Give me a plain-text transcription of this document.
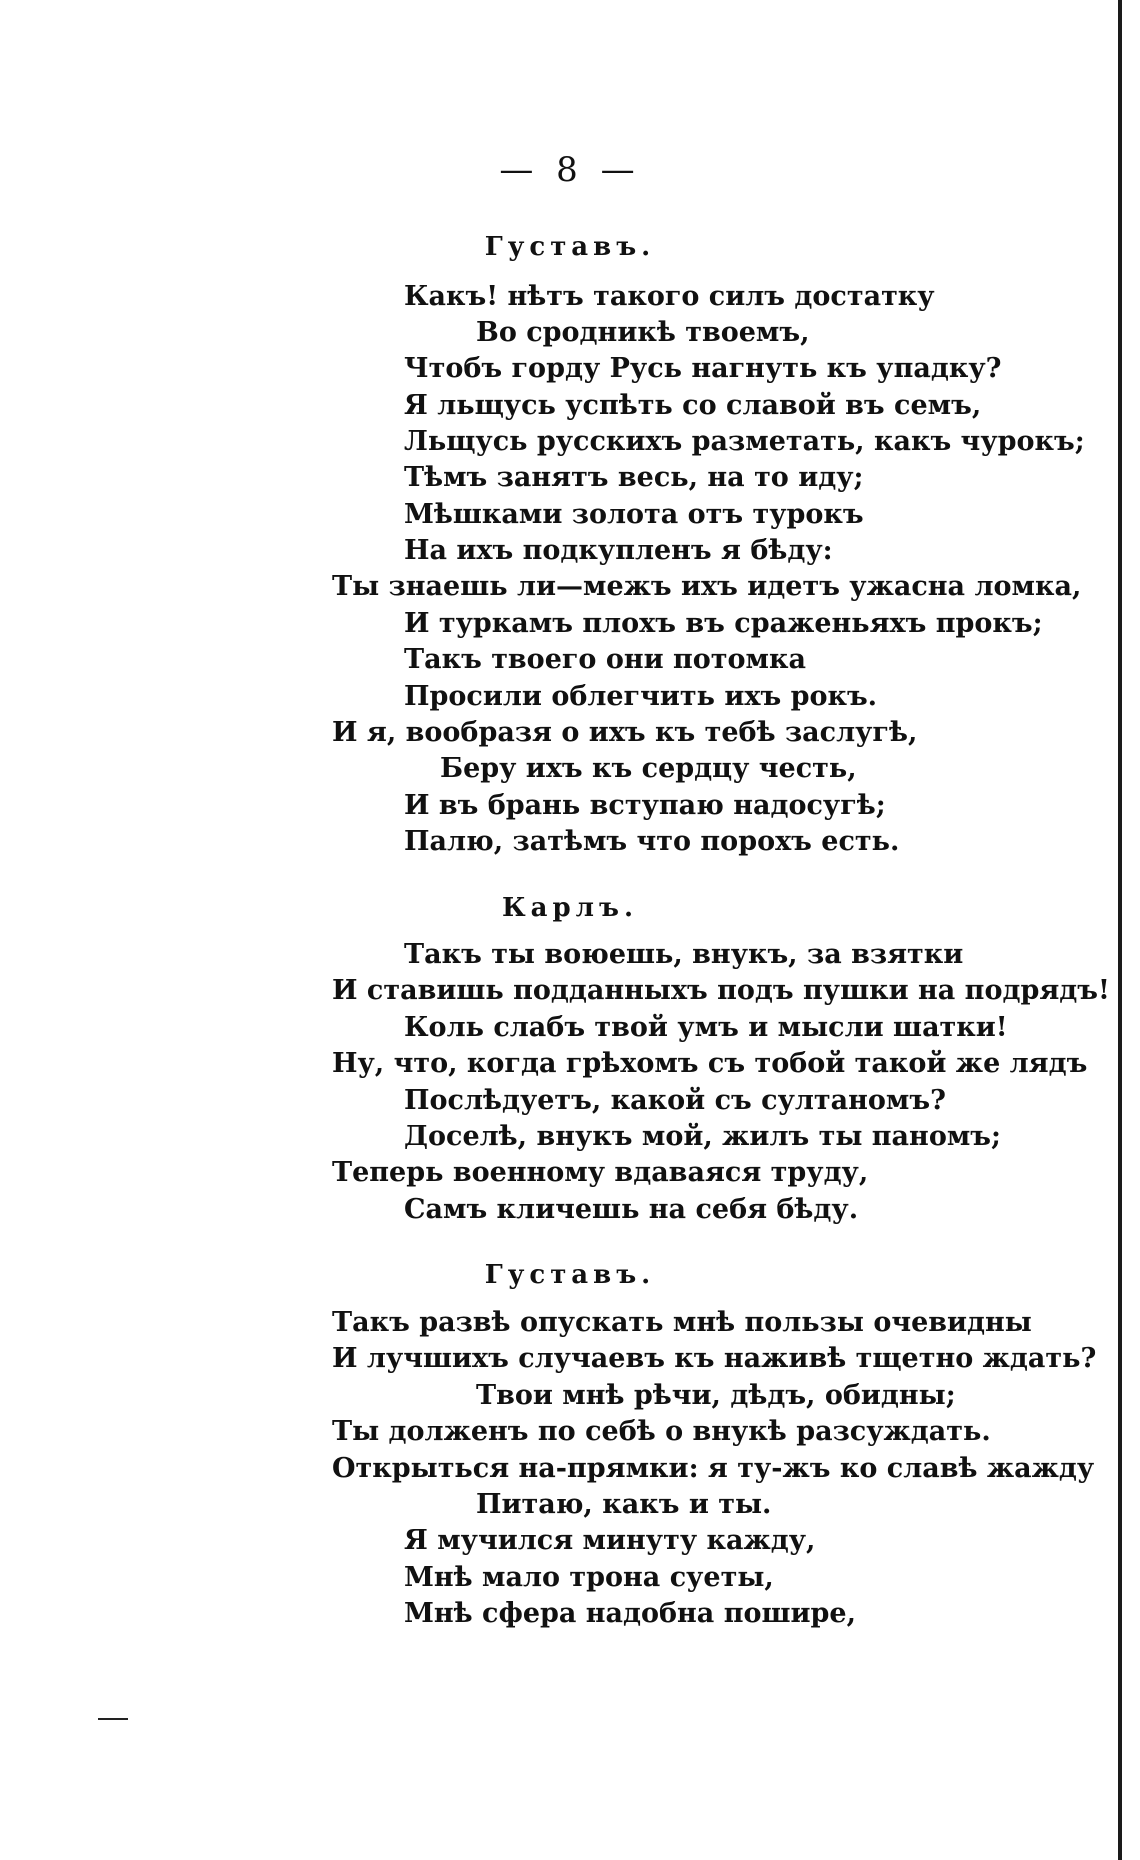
— 8 —
Густавъ.
Какъ! нѣтъ такого силъ достатку
Во сродникѣ твоемъ,
Чтобъ горду Русь нагнуть къ упадку?
Я льщусь успѣть со славой въ семъ,
Льщусь русскихъ разметать, какъ чурокъ;
Тѣмъ занятъ весь, на то иду;
Мѣшками золота отъ турокъ
На ихъ подкупленъ я бѣду:
Ты знаешь ли—межъ ихъ идетъ ужасна ломка,
И туркамъ плохъ въ сраженьяхъ прокъ;
Такъ твоего они потомка
Просили облегчить ихъ рокъ.
И я, вообразя о ихъ къ тебѣ заслугѣ,
Беру ихъ къ сердцу честь,
И въ брань вступаю надосугѣ;
Палю, затѣмъ что порохъ есть.
Карлъ.
Такъ ты воюешь, внукъ, за взятки
И ставишь подданныхъ подъ пушки на подрядъ!
Коль слабъ твой умъ и мысли шатки!
Ну, что, когда грѣхомъ съ тобой такой же лядъ
Послѣдуетъ, какой съ султаномъ?
Доселѣ, внукъ мой, жилъ ты паномъ;
Теперь военному вдаваяся труду,
Самъ кличешь на себя бѣду.
Густавъ.
Такъ развѣ опускать мнѣ пользы очевидны
И лучшихъ случаевъ къ наживѣ тщетно ждать?
Твои мнѣ рѣчи, дѣдъ, обидны;
Ты долженъ по себѣ о внукѣ разсуждать.
Открыться на-прямки: я ту-жъ ко славѣ жажду
Питаю, какъ и ты.
Я мучился минуту кажду,
Мнѣ мало трона суеты,
Мнѣ сфера надобна пошире,
